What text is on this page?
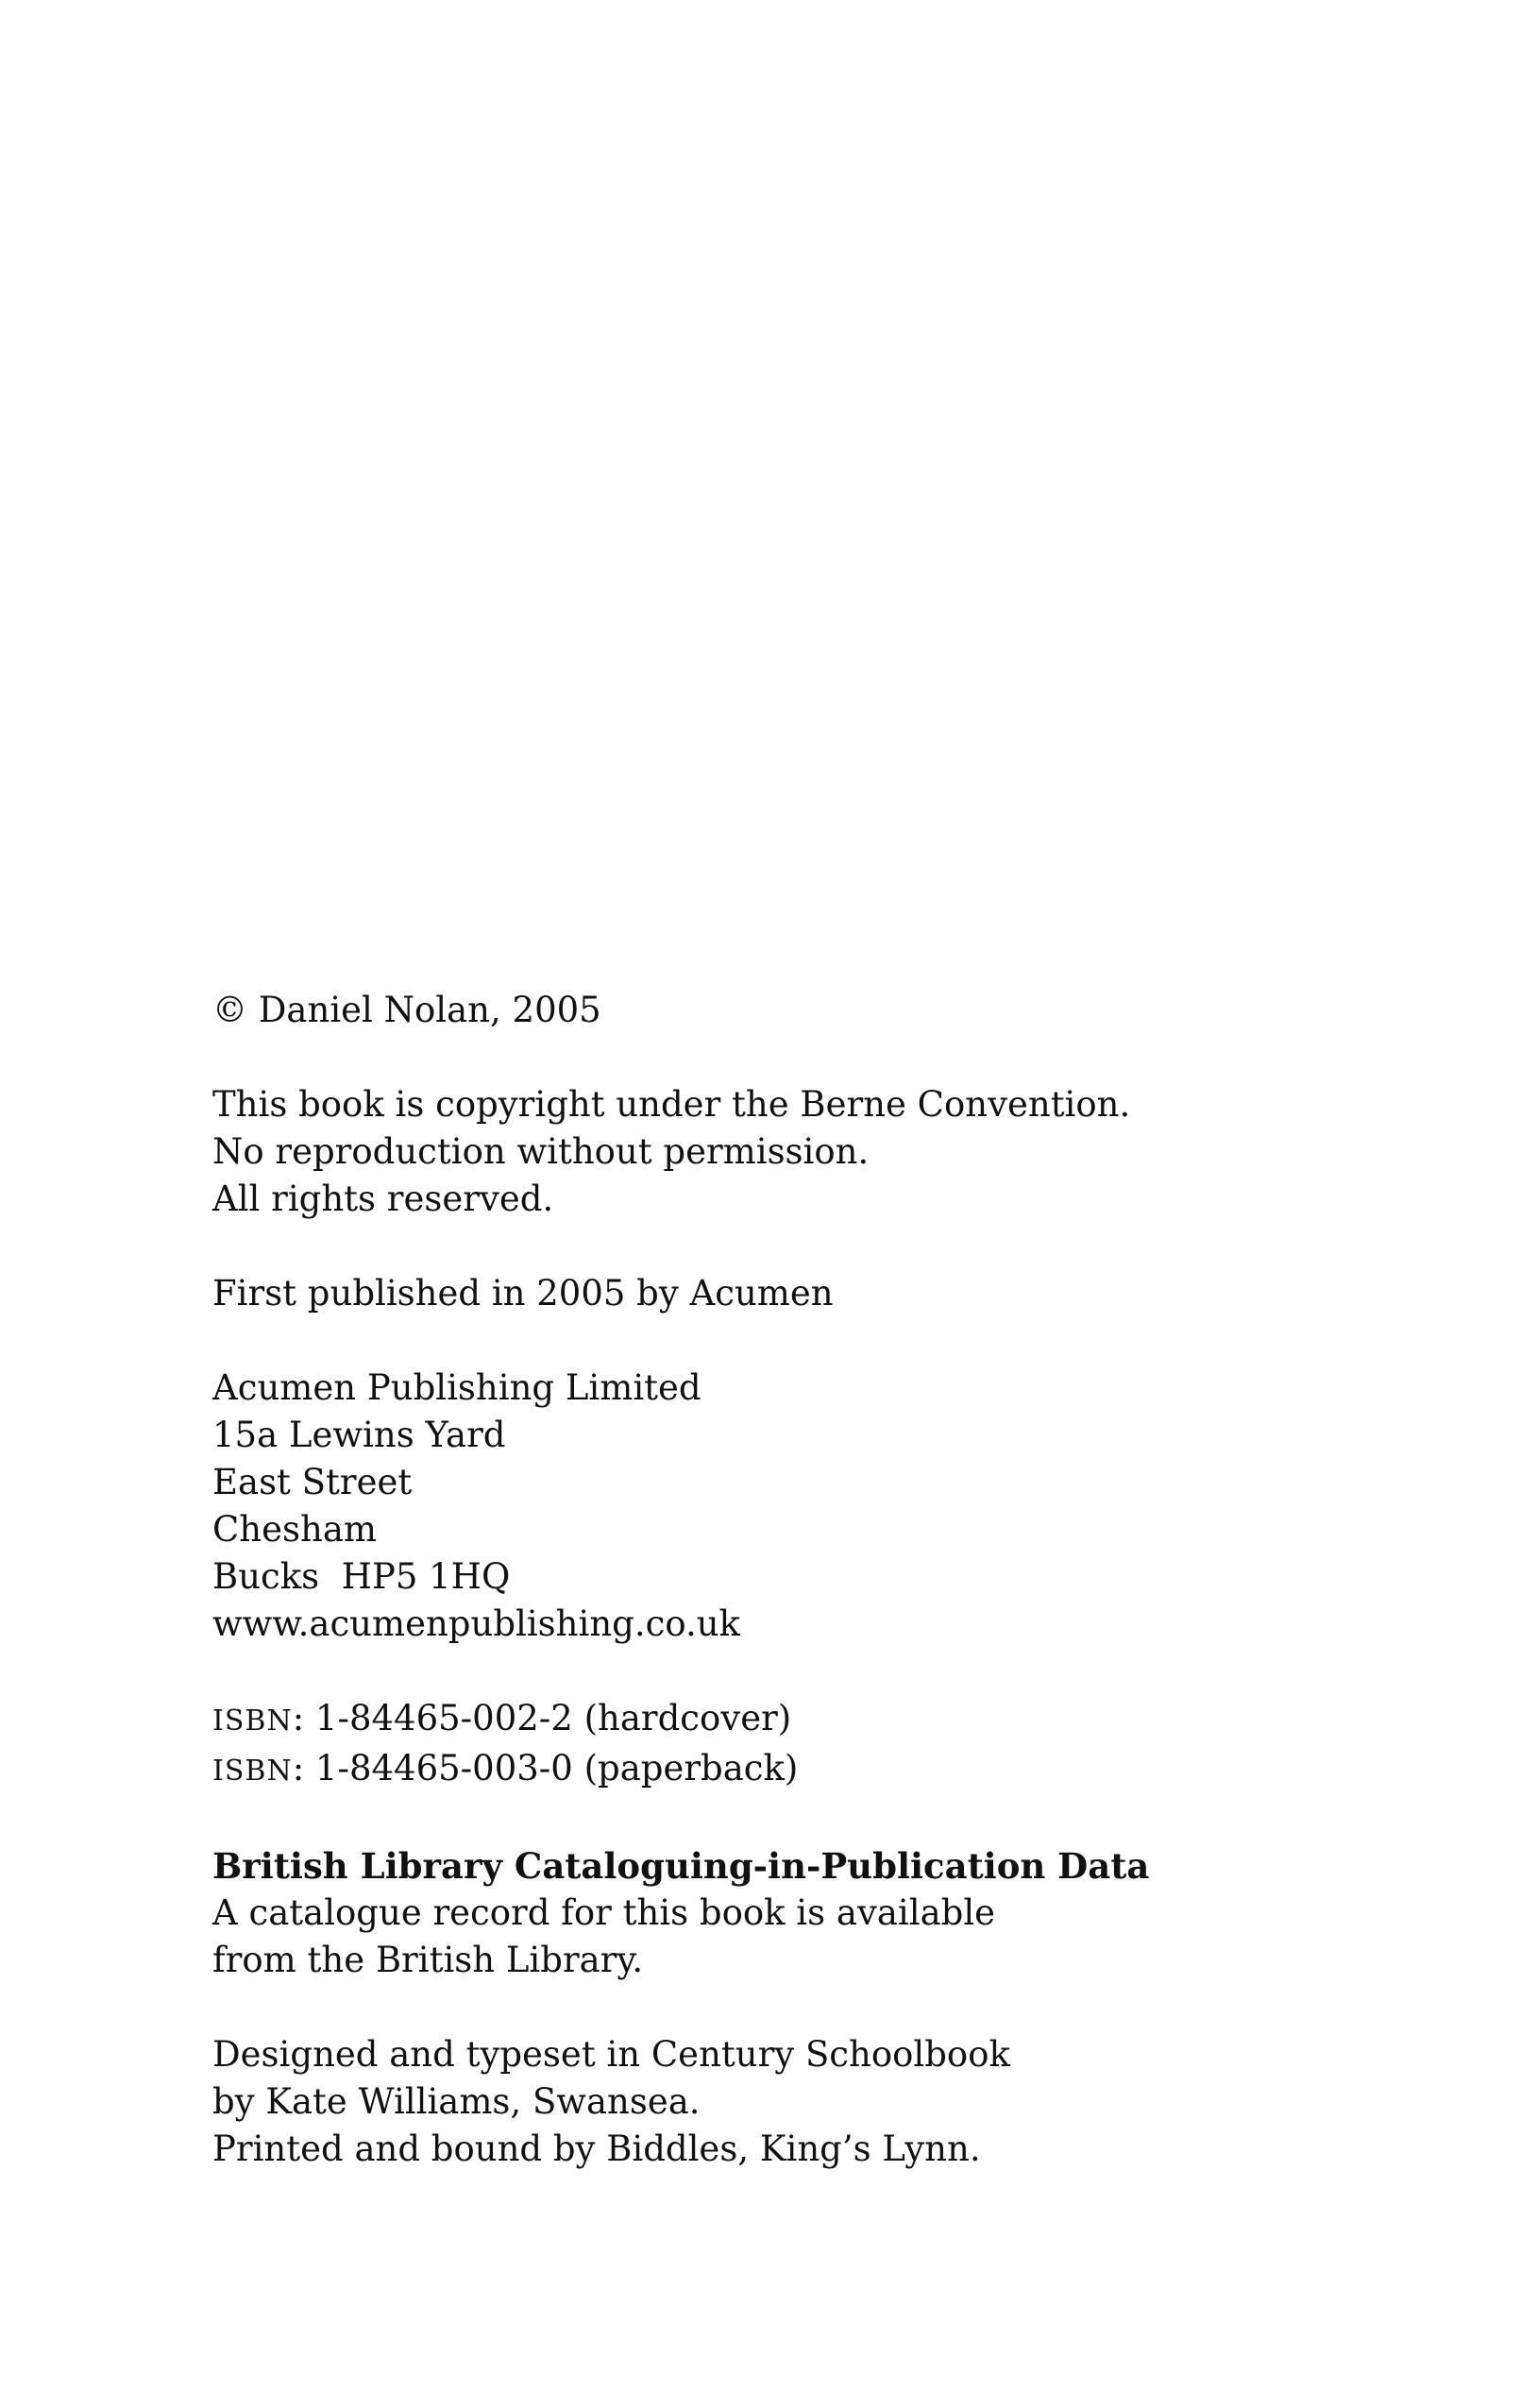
© Daniel Nolan, 2005
This book is copyright under the Berne Convention.
No reproduction without permission.
All rights reserved.
First published in 2005 by Acumen
Acumen Publishing Limited
15a Lewins Yard
East Street
Chesham
Bucks  HP5 1HQ
www.acumenpublishing.co.uk
ISBN: 1-84465-002-2 (hardcover)
ISBN: 1-84465-003-0 (paperback)
British Library Cataloguing-in-Publication Data
A catalogue record for this book is available
from the British Library.
Designed and typeset in Century Schoolbook
by Kate Williams, Swansea.
Printed and bound by Biddles, King’s Lynn.
